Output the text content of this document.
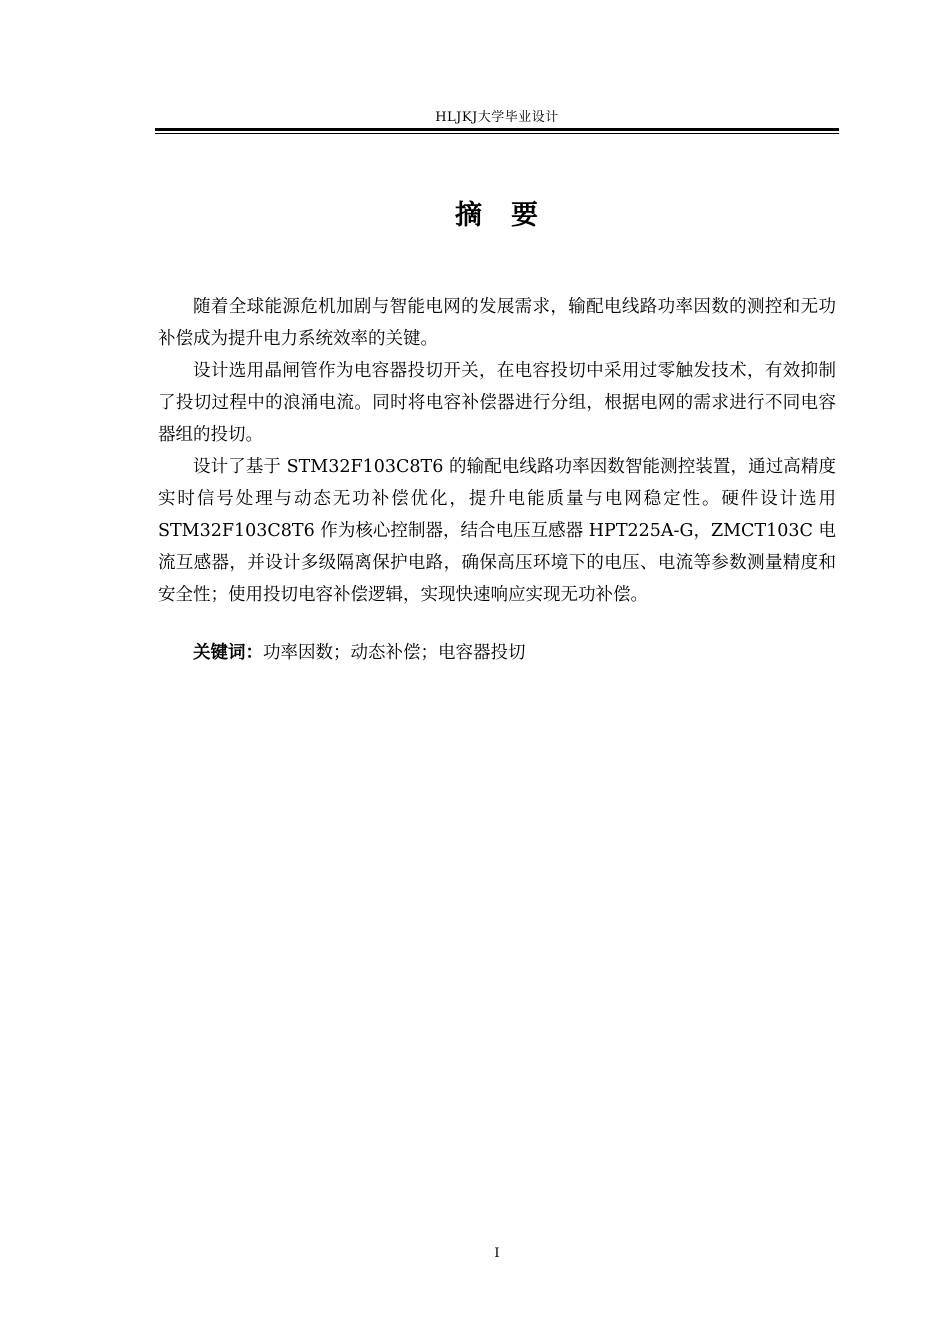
HLJKJ大学毕业设计
摘　要

随着全球能源危机加剧与智能电网的发展需求，输配电线路功率因数的测控和无功补偿成为提升电力系统效率的关键。

设计选用晶闸管作为电容器投切开关，在电容投切中采用过零触发技术，有效抑制了投切过程中的浪涌电流。同时将电容补偿器进行分组，根据电网的需求进行不同电容器组的投切。

设计了基于 STM32F103C8T6 的输配电线路功率因数智能测控装置，通过高精度实时信号处理与动态无功补偿优化，提升电能质量与电网稳定性。硬件设计选用 STM32F103C8T6 作为核心控制器，结合电压互感器 HPT225A-G，ZMCT103C 电流互感器，并设计多级隔离保护电路，确保高压环境下的电压、电流等参数测量精度和安全性；使用投切电容补偿逻辑，实现快速响应实现无功补偿。

关键词：功率因数；动态补偿；电容器投切

I
